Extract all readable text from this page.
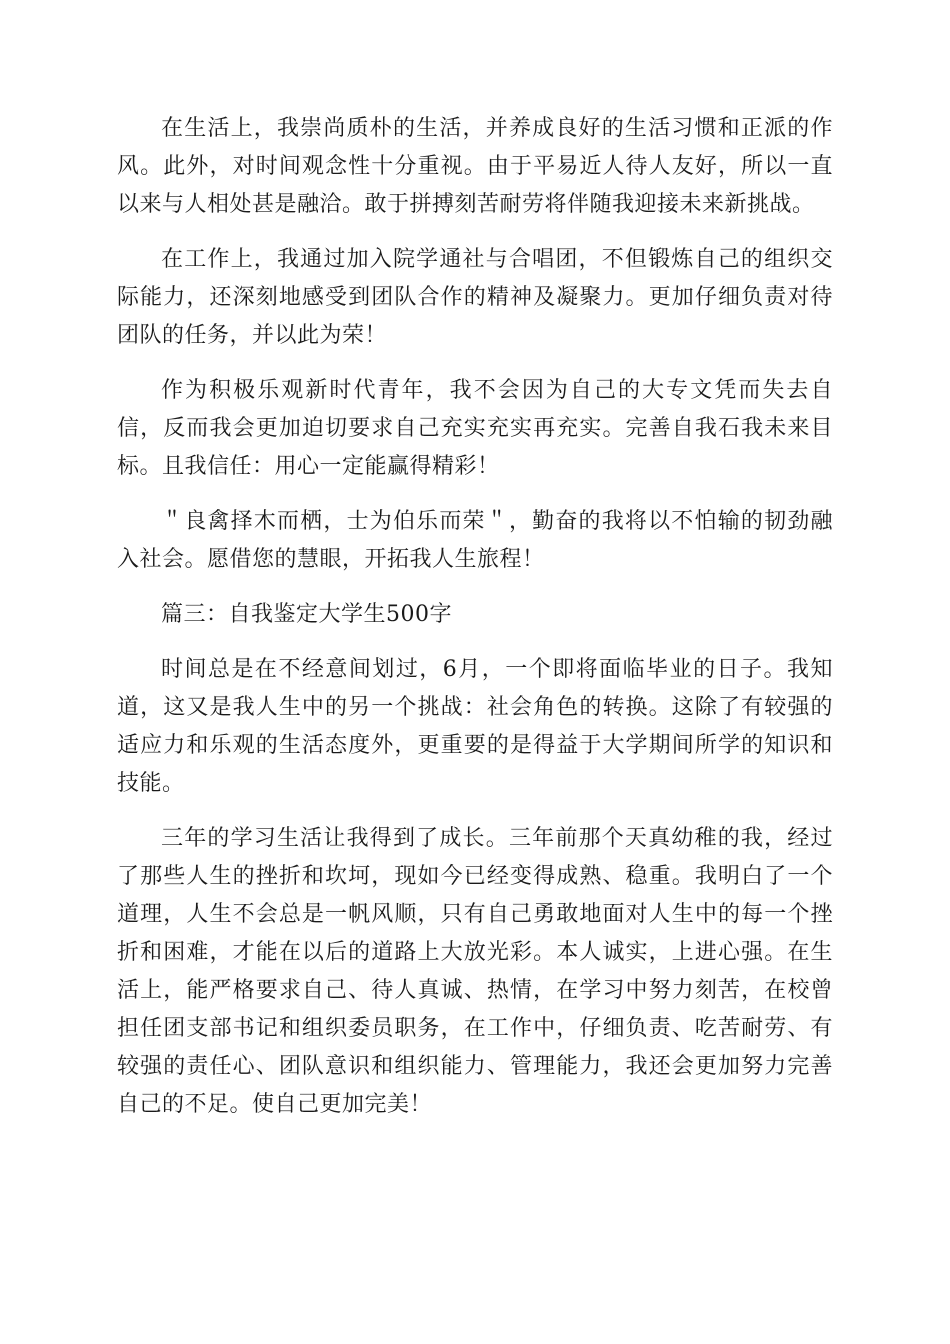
在生活上，我崇尚质朴的生活，并养成良好的生活习惯和正派的作风。此外，对时间观念性十分重视。由于平易近人待人友好，所以一直以来与人相处甚是融洽。敢于拼搏刻苦耐劳将伴随我迎接未来新挑战。

在工作上，我通过加入院学通社与合唱团，不但锻炼自己的组织交际能力，还深刻地感受到团队合作的精神及凝聚力。更加仔细负责对待团队的任务，并以此为荣！

作为积极乐观新时代青年，我不会因为自己的大专文凭而失去自信，反而我会更加迫切要求自己充实充实再充实。完善自我石我未来目标。且我信任：用心一定能赢得精彩！

＂良禽择木而栖，士为伯乐而荣＂，勤奋的我将以不怕输的韧劲融入社会。愿借您的慧眼，开拓我人生旅程！

篇三：自我鉴定大学生500字

时间总是在不经意间划过，6月，一个即将面临毕业的日子。我知道，这又是我人生中的另一个挑战：社会角色的转换。这除了有较强的适应力和乐观的生活态度外，更重要的是得益于大学期间所学的知识和技能。

三年的学习生活让我得到了成长。三年前那个天真幼稚的我，经过了那些人生的挫折和坎坷，现如今已经变得成熟、稳重。我明白了一个道理，人生不会总是一帆风顺，只有自己勇敢地面对人生中的每一个挫折和困难，才能在以后的道路上大放光彩。本人诚实，上进心强。在生活上，能严格要求自己、待人真诚、热情，在学习中努力刻苦，在校曾担任团支部书记和组织委员职务，在工作中，仔细负责、吃苦耐劳、有较强的责任心、团队意识和组织能力、管理能力，我还会更加努力完善自己的不足。使自己更加完美！
